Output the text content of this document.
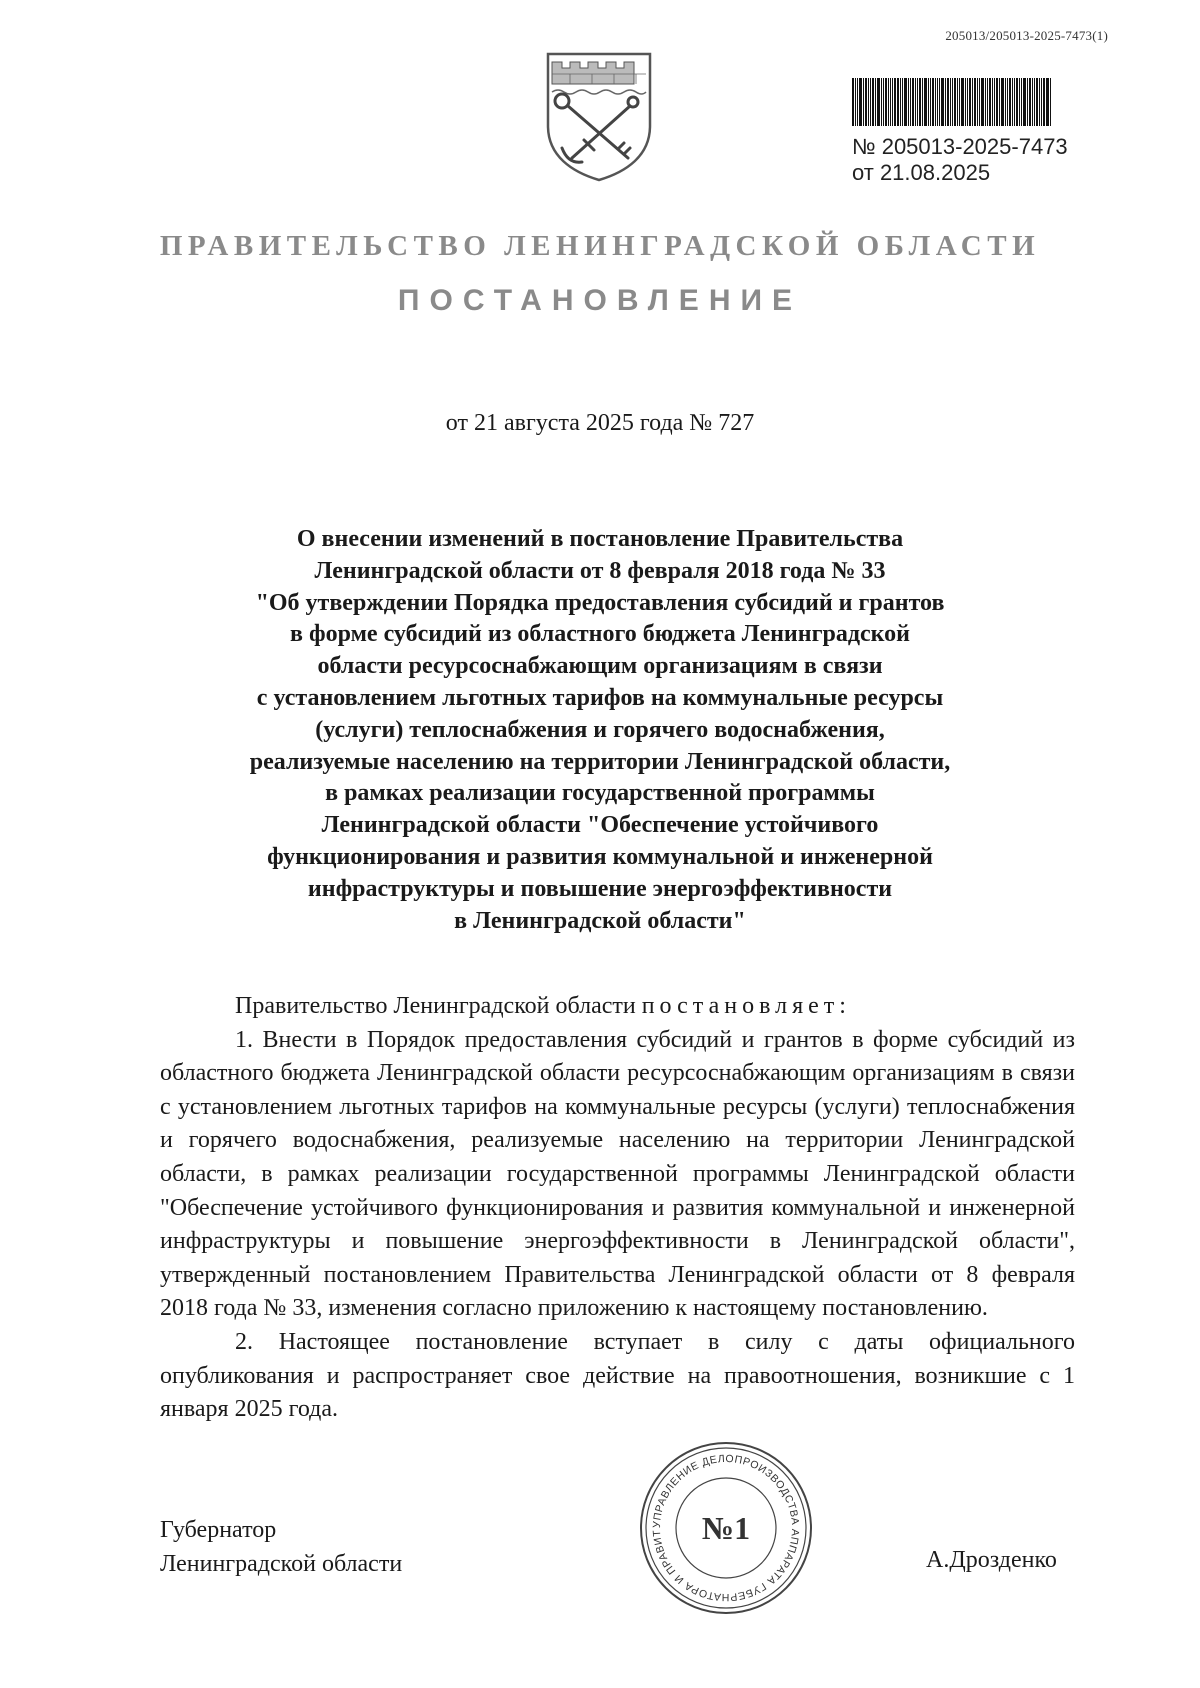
205013/205013-2025-7473(1)
№ 205013-2025-7473
от 21.08.2025
ПРАВИТЕЛЬСТВО ЛЕНИНГРАДСКОЙ ОБЛАСТИ
ПОСТАНОВЛЕНИЕ
от 21 августа 2025 года № 727
О внесении изменений в постановление Правительства
Ленинградской области от 8 февраля 2018 года № 33
"Об утверждении Порядка предоставления субсидий и грантов
в форме субсидий из областного бюджета Ленинградской
области ресурсоснабжающим организациям в связи
с установлением льготных тарифов на коммунальные ресурсы
(услуги) теплоснабжения и горячего водоснабжения,
реализуемые населению на территории Ленинградской области,
в рамках реализации государственной программы
Ленинградской области "Обеспечение устойчивого
функционирования и развития коммунальной и инженерной
инфраструктуры и повышение энергоэффективности
в Ленинградской области"

Правительство Ленинградской области постановляет:

1. Внести в Порядок предоставления субсидий и грантов в форме субсидий из областного бюджета Ленинградской области ресурсоснабжающим организациям в связи с установлением льготных тарифов на коммунальные ресурсы (услуги) теплоснабжения и горячего водоснабжения, реализуемые населению на территории Ленинградской области, в рамках реализации государственной программы Ленинградской области "Обеспечение устойчивого функционирования и развития коммунальной и инженерной инфраструктуры и повышение энергоэффективности в Ленинградской области", утвержденный постановлением Правительства Ленинградской области от 8 февраля 2018 года № 33, изменения согласно приложению к настоящему постановлению.

2. Настоящее постановление вступает в силу с даты официального опубликования и распространяет свое действие на правоотношения, возникшие с 1 января 2025 года.

Губернатор
Ленинградской области	А.Дрозденко
УПРАВЛЕНИЕ ДЕЛОПРОИЗВОДСТВА АППАРАТА ГУБЕРНАТОРА И ПРАВИТ	№1
